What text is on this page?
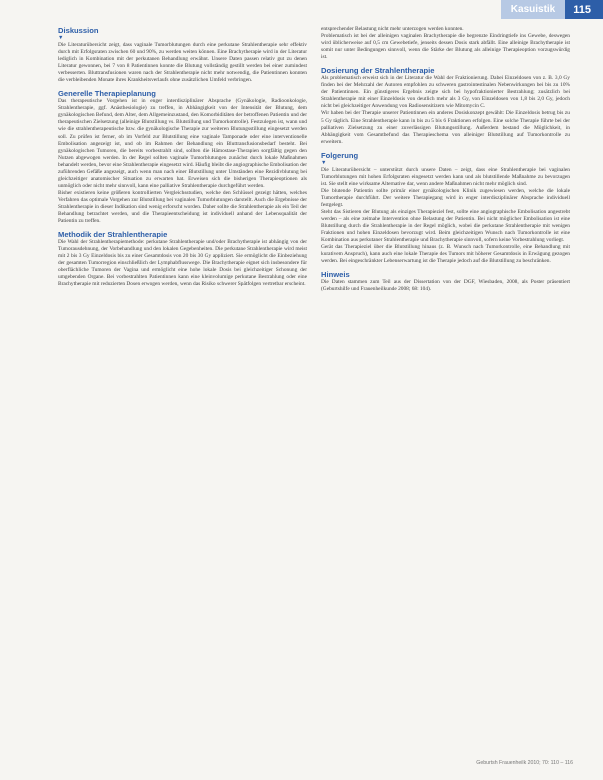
Kasuistik	115
Diskussion
▼

Die Literaturübersicht zeigt, dass vaginale Tumorblutungen durch eine perkutane Strahlentherapie sehr effektiv durch mit Erfolgsraten zwischen 60 und 90%, zu werden weiten können. Eine Brachytherapie wird in der Literatur lediglich in Kombination mit der perkutanen Behandlung erwähnt. Unsere Daten passen relativ gut zu denen Literatur gewonnen, bei 7 von 8 Patientinnen konnte die Blutung vollständig gestillt werden bei einer zumindest verbesserten. Bluttransfusionen waren nach der Strahlentherapie nicht mehr notwendig, die Patientinnen konnten die verbleibenden Monate ihres Krankheitsverlaufs ohne zusätzlichen Umfeld verbringen.

Generelle Therapieplanung

Das therapeutische Vorgehen ist in enger interdisziplinärer Absprache (Gynäkologie, Radioonkologie, Strahlentherapie, ggf. Anästhesiologie) zu treffen, in Abhängigkeit von der Intensität der Blutung, dem gynäkologischen Befund, dem Alter, dem Allgemeinzustand, den Komorbiditäten der betroffenen Patientin und der therapeutischen Zielsetzung (alleinige Blutstillung vs. Blutstillung und Tumorkontrolle). Festzulegen ist, wann und wie die strahlentherapeutische bzw. die gynäkologische Therapie zur weiteren Blutungsstillung eingesetzt werden soll. Zu prüfen ist ferner, ob im Vorfeld zur Blutstillung eine vaginale Tamponade oder eine interventionelle Embolisation angezeigt ist, und ob im Rahmen der Behandlung ein Bluttransfusionsbedarf besteht. Bei gynäkologischen Tumoren, die bereits vorbestrahlt sind, sollten die Hämostase-Therapien sorgfältig gegen den Nutzen abgewogen werden. In der Regel sollten vaginale Tumorblutungen zunächst durch lokale Maßnahmen behandelt werden, bevor eine Strahlentherapie eingesetzt wird. Häufig bleibt die angiographische Embolisation der zuführenden Gefäße angezeigt, auch wenn man nach einer Blutstillung unter Umständen eine Rezidivblutung bei gleichzeitiger anatomischer Situation zu erwarten hat. Erweisen sich die bisherigen Therapieoptionen als unmöglich oder nicht mehr sinnvoll, kann eine palliative Strahlentherapie durchgeführt werden.

Bisher existieren keine größeren kontrollierten Vergleichsstudien, welche den Schlüssel gezeigt hätten, welches Verfahren das optimale Vorgehen zur Blutstillung bei vaginalen Tumorblutungen darstellt. Auch die Ergebnisse der Strahlentherapie in dieser Indikation sind wenig erforscht worden. Daher sollte die Strahlentherapie als ein Teil der Behandlung betrachtet werden, und die Therapieentscheidung ist individuell anhand der Lebensqualität der Patientin zu treffen.

Methodik der Strahlentherapie

Die Wahl der Strahlentherapiemethode: perkutane Strahlentherapie und/oder Brachytherapie ist abhängig von der Tumorausdehnung, der Vorbehandlung und den lokalen Gegebenheiten. Die perkutane Strahlentherapie wird meist mit 2 bis 3 Gy Einzeldosis bis zu einer Gesamtdosis von 20 bis 30 Gy appliziert. Sie ermöglicht die Einbeziehung der gesamten Tumorregion einschließlich der Lymphabflusswege. Die Brachytherapie eignet sich insbesondere für oberflächliche Tumoren der Vagina und ermöglicht eine hohe lokale Dosis bei gleichzeitiger Schonung der umgebenden Organe. Bei vorbestrahlten Patientinnen kann eine kleinvolumige perkutane Bestrahlung oder eine Brachytherapie mit reduzierten Dosen erwogen werden, wenn das Risiko schwerer Spätfolgen vertretbar erscheint.

entsprechender Belastung nicht mehr unterzogen werden konnten.

Problematisch ist bei der alleinigen vaginalen Brachytherapie die begrenzte Eindringtiefe ins Gewebe, deswegen wird üblicherweise auf 0,5 cm Gewebetiefe, jenseits dessen Dosis stark abfällt. Eine alleinige Brachytherapie ist somit nur unter Bedingungen sinnvoll, wenn die Stärke der Blutung als alleinige Therapieoption vorzugswürdig ist.

Dosierung der Strahlentherapie

Als problematisch erweist sich in der Literatur die Wahl der Fraktionierung. Dabei Einzeldosen von z. B. 3,0 Gy finden bei der Mehrzahl der Autoren empfohlen zu schweren gastrointestinalen Nebenwirkungen bei bis zu 10% der Patientinnen. Ein günstigeres Ergebnis zeigte sich bei hypofraktionierter Bestrahlung; zusätzlich bei Strahlentherapie mit einer Einzeldosis von deutlich mehr als 3 Gy, von Einzeldosen von 1,8 bis 2,0 Gy, jedoch nicht bei gleichzeitiger Anwendung von Radiosensitizern wie Mitomycin C.

Wir haben bei der Therapie unserer Patientinnen ein anderes Dosiskonzept gewählt: Die Einzeldosis betrug bis zu 5 Gy täglich. Eine Strahlentherapie kann in bis zu 5 bis 6 Fraktionen erfolgen. Eine solche Therapie führte bei der palliativen Zielsetzung zu einer zuverlässigen Blutungsstillung. Außerdem bestand die Möglichkeit, in Abhängigkeit vom Gesamtbefund das Therapieschema von alleiniger Blutstillung auf Tumorkontrolle zu erweitern.

Folgerung
▼

Die Literaturübersicht – unterstützt durch unsere Daten – zeigt, dass eine Strahlentherapie bei vaginalen Tumorblutungen mit hohen Erfolgsraten eingesetzt werden kann und als blutstillende Maßnahme zu bevorzugen ist. Sie stellt eine wirksame Alternative dar, wenn andere Maßnahmen nicht mehr möglich sind.

Die blutende Patientin sollte primär einer gynäkologischen Klinik zugewiesen werden, welche die lokale Tumortherapie durchführt. Der weitere Therapiegang wird in enger interdisziplinärer Absprache individuell festgelegt.

Steht das Sistieren der Blutung als einziges Therapieziel fest, sollte eine angiographische Embolisation angestrebt werden – als eine zeitnahe Intervention ohne Belastung der Patientin. Bei nicht möglicher Embolisation ist eine Blutstillung durch die Strahlentherapie in der Regel möglich, wobei die perkutane Strahlentherapie mit wenigen Fraktionen und hohen Einzeldosen bevorzugt wird. Beim gleichzeitigen Wunsch nach Tumorkontrolle ist eine Kombination aus perkutaner Strahlentherapie und Brachytherapie sinnvoll, sofern keine Vorbestrahlung vorliegt.

Gerät das Therapieziel über die Blutstillung hinaus (z. B. Wunsch nach Tumorkontrolle, eine Behandlung mit kurativem Anspruch), kann auch eine lokale Therapie des Tumors mit höherer Gesamtdosis in Erwägung gezogen werden. Bei eingeschränkter Lebenserwartung ist die Therapie jedoch auf die Blutstillung zu beschränken.

Hinweis

Die Daten stammen zum Teil aus der Dissertation von der DGF, Wiesbaden, 2008, als Poster präsentiert (Geburtshilfe und Frauenheilkunde 2008; 68: 104).

Geburtsh Frauenheilk 2010; 70: 110 – 116
